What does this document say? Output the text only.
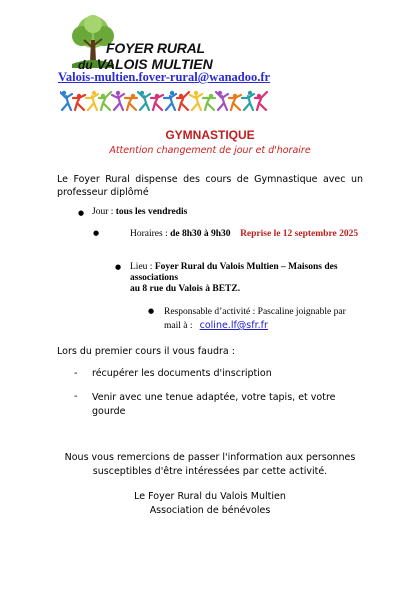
FOYER RURAL
du VALOIS MULTIEN
Valois-multien.fover-rural@wanadoo.fr
GYMNASTIQUE
Attention changement de jour et d'horaire
Le Foyer Rural dispense des cours de Gymnastique avec un professeur diplômé
● Jour : tous les vendredis
●	Horaires : de 8h30 à 9h30 Reprise le 12 septembre 2025
● Lieu : Foyer Rural du Valois Multien – Maisons des associations
au 8 rue du Valois à BETZ.
● Responsable d’activité : Pascaline joignable par mail à : coline.lf@sfr.fr
Lors du premier cours il vous faudra :
- récupérer les documents d'inscription
- Venir avec une tenue adaptée, votre tapis, et votre gourde
Nous vous remercions de passer l'information aux personnes susceptibles d'être intéressées par cette activité.
Le Foyer Rural du Valois Multien
Association de bénévoles
